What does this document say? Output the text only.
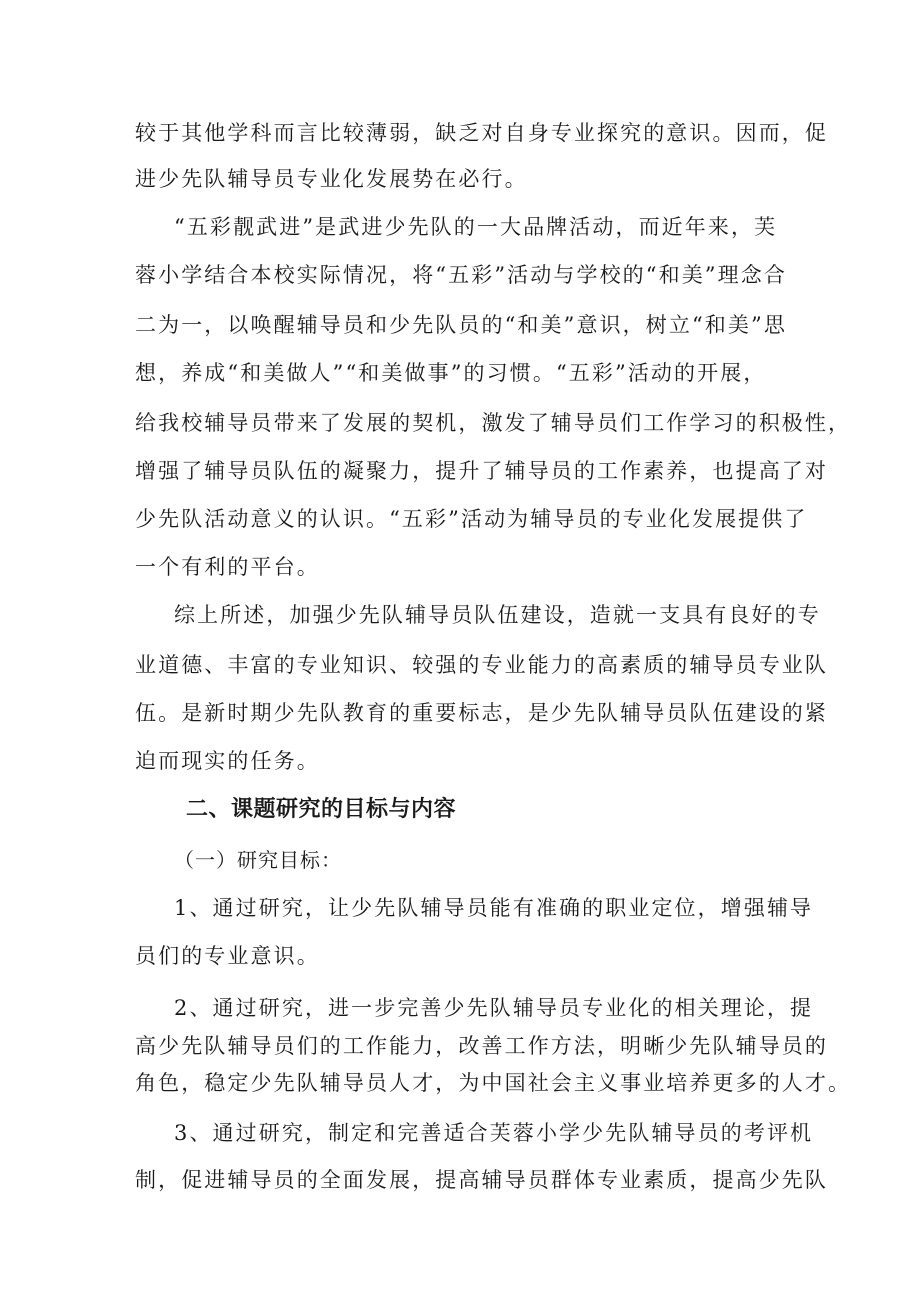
较于其他学科而言比较薄弱，缺乏对自身专业探究的意识。因而，促
进少先队辅导员专业化发展势在必行。
“五彩靓武进”是武进少先队的一大品牌活动，而近年来，芙
蓉小学结合本校实际情况，将“五彩”活动与学校的“和美”理念合
二为一，以唤醒辅导员和少先队员的“和美”意识，树立“和美”思
想，养成“和美做人”“和美做事”的习惯。“五彩”活动的开展，
给我校辅导员带来了发展的契机，激发了辅导员们工作学习的积极性，
增强了辅导员队伍的凝聚力，提升了辅导员的工作素养，也提高了对
少先队活动意义的认识。“五彩”活动为辅导员的专业化发展提供了
一个有利的平台。
综上所述，加强少先队辅导员队伍建设，造就一支具有良好的专
业道德、丰富的专业知识、较强的专业能力的高素质的辅导员专业队
伍。是新时期少先队教育的重要标志，是少先队辅导员队伍建设的紧
迫而现实的任务。
二、课题研究的目标与内容
（一）研究目标：
1、通过研究，让少先队辅导员能有准确的职业定位，增强辅导
员们的专业意识。
2、通过研究，进一步完善少先队辅导员专业化的相关理论，提
高少先队辅导员们的工作能力，改善工作方法，明晰少先队辅导员的
角色，稳定少先队辅导员人才，为中国社会主义事业培养更多的人才。
3、通过研究，制定和完善适合芙蓉小学少先队辅导员的考评机
制，促进辅导员的全面发展，提高辅导员群体专业素质，提高少先队
